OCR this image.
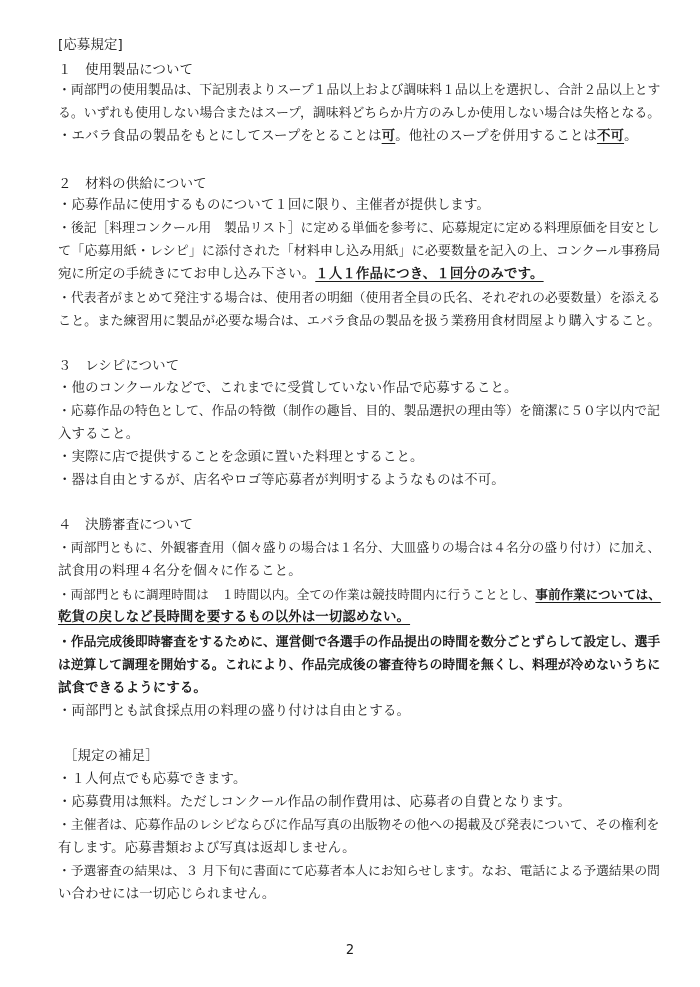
[応募規定]
１　使用製品について
・両部門の使用製品は、下記別表よりスープ１品以上および調味料１品以上を選択し、合計２品以上とす
る。いずれも使用しない場合またはスープ，調味料どちらか片方のみしか使用しない場合は失格となる。
・エバラ食品の製品をもとにしてスープをとることは可。他社のスープを併用することは不可。
２　材料の供給について
・応募作品に使用するものについて１回に限り、主催者が提供します。
・後記［料理コンクール用　製品リスト］に定める単価を参考に、応募規定に定める料理原価を目安とし
て「応募用紙・レシピ」に添付された「材料申し込み用紙」に必要数量を記入の上、コンクール事務局
宛に所定の手続きにてお申し込み下さい。１人１作品につき、１回分のみです。
・代表者がまとめて発注する場合は、使用者の明細（使用者全員の氏名、それぞれの必要数量）を添える
こと。また練習用に製品が必要な場合は、エバラ食品の製品を扱う業務用食材問屋より購入すること。
３　レシピについて
・他のコンクールなどで、これまでに受賞していない作品で応募すること。
・応募作品の特色として、作品の特徴（制作の趣旨、目的、製品選択の理由等）を簡潔に５０字以内で記
入すること。
・実際に店で提供することを念頭に置いた料理とすること。
・器は自由とするが、店名やロゴ等応募者が判明するようなものは不可。
４　決勝審査について
・両部門ともに、外観審査用（個々盛りの場合は１名分、大皿盛りの場合は４名分の盛り付け）に加え、
試食用の料理４名分を個々に作ること。
・両部門ともに調理時間は　１時間以内。全ての作業は競技時間内に行うこととし、事前作業については、
乾貨の戻しなど長時間を要するもの以外は一切認めない。
・作品完成後即時審査をするために、運営側で各選手の作品提出の時間を数分ごとずらして設定し、選手
は逆算して調理を開始する。これにより、作品完成後の審査待ちの時間を無くし、料理が冷めないうちに
試食できるようにする。
・両部門とも試食採点用の料理の盛り付けは自由とする。
［規定の補足］
・１人何点でも応募できます。
・応募費用は無料。ただしコンクール作品の制作費用は、応募者の自費となります。
・主催者は、応募作品のレシピならびに作品写真の出版物その他への掲載及び発表について、その権利を
有します。応募書類および写真は返却しません。
・予選審査の結果は、３ 月下旬に書面にて応募者本人にお知らせします。なお、電話による予選結果の問
い合わせには一切応じられません。
2
